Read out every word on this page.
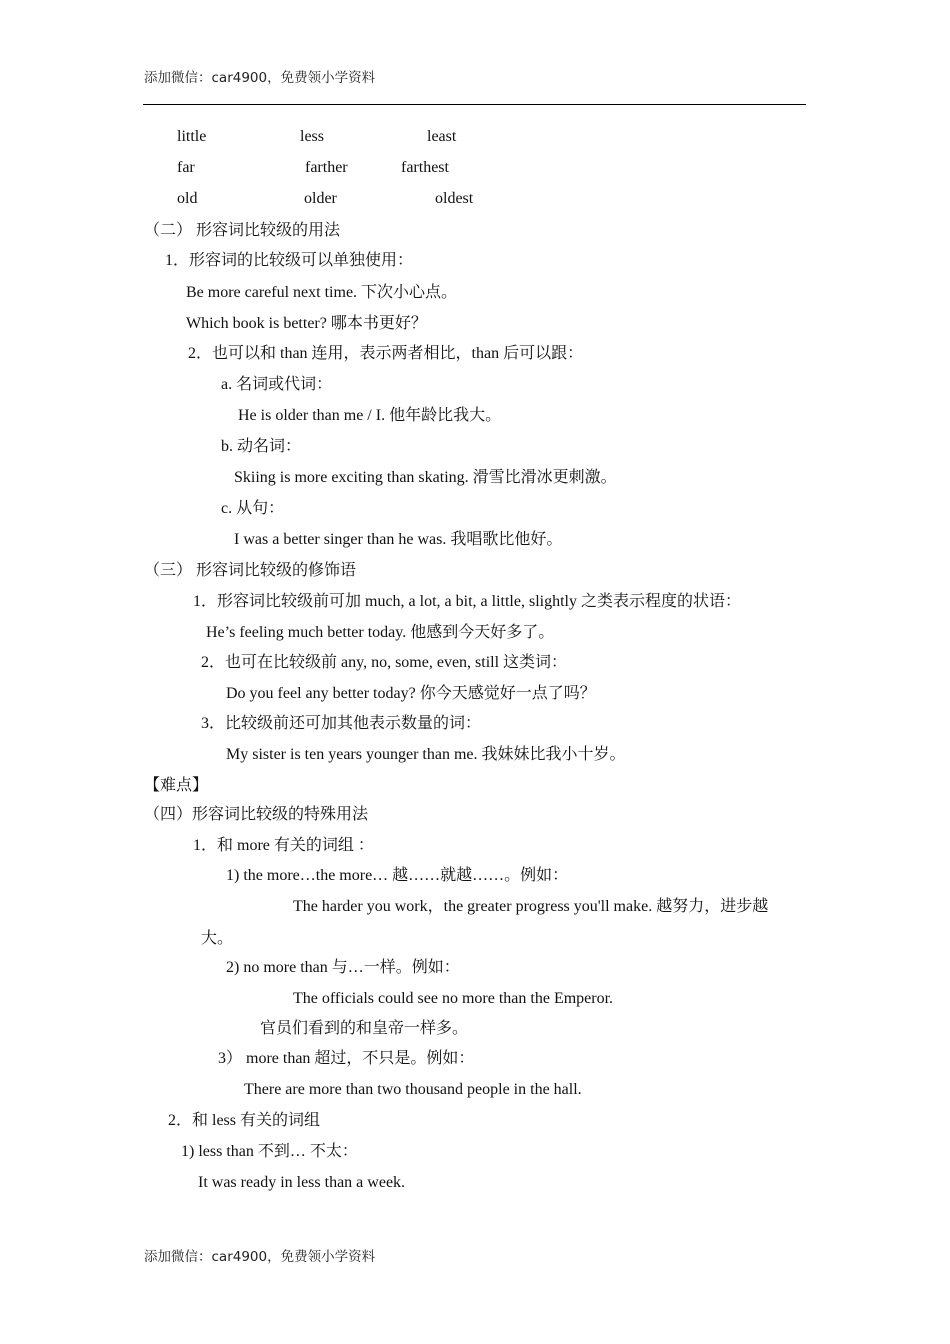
添加微信：car4900，免费领小学资料
little	less	least
far	farther	farthest
old	older	oldest
（二） 形容词比较级的用法
1．形容词的比较级可以单独使用：
Be more careful next time. 下次小心点。
Which book is better? 哪本书更好？
2．也可以和 than 连用，表示两者相比，than 后可以跟：
a. 名词或代词：
He is older than me / I. 他年龄比我大。
b. 动名词：
Skiing is more exciting than skating. 滑雪比滑冰更刺激。
c. 从句：
I was a better singer than he was. 我唱歌比他好。
（三） 形容词比较级的修饰语
1．形容词比较级前可加 much, a lot, a bit, a little, slightly 之类表示程度的状语：
He’s feeling much better today. 他感到今天好多了。
2．也可在比较级前 any, no, some, even, still 这类词：
Do you feel any better today? 你今天感觉好一点了吗？
3．比较级前还可加其他表示数量的词：
My sister is ten years younger than me. 我妹妹比我小十岁。
【难点】
（四）形容词比较级的特殊用法
1．和 more 有关的词组 ：
1) the more…the more… 越……就越……。例如：
The harder you work，the greater progress you'll make. 越努力，进步越
大。
2) no more than 与…一样。例如：
The officials could see no more than the Emperor.
官员们看到的和皇帝一样多。
3） more than 超过，不只是。例如：
There are more than two thousand people in the hall.
2．和 less 有关的词组
1) less than 不到… 不太：
It was ready in less than a week.
添加微信：car4900，免费领小学资料
